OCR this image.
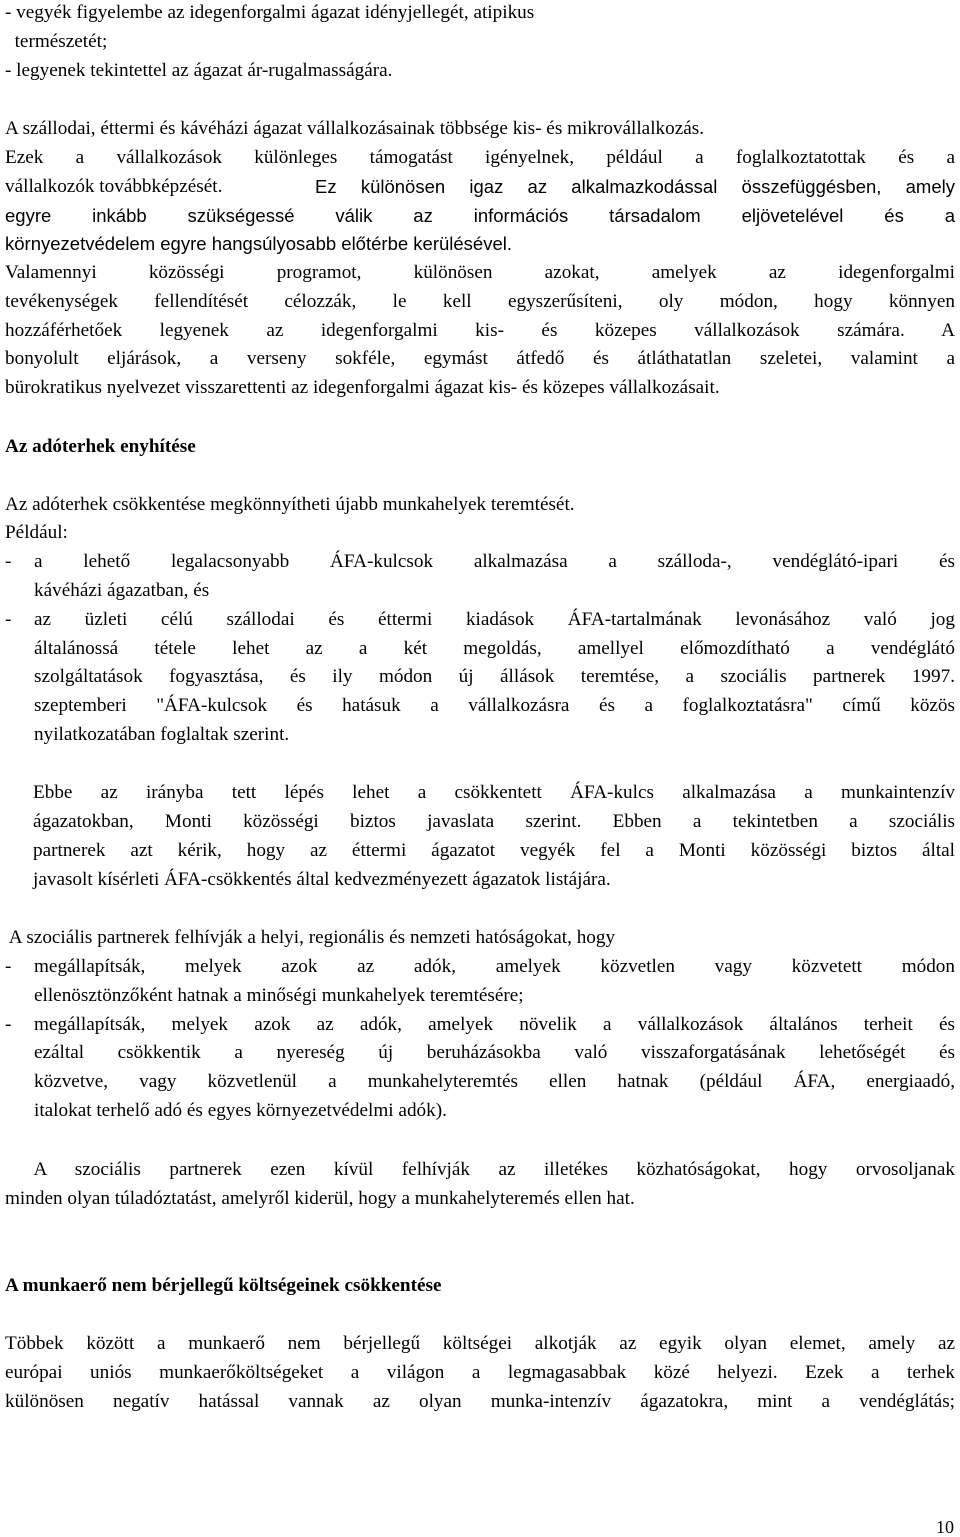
- vegyék figyelembe az idegenforgalmi ágazat idényjellegét, atipikus
természetét;
- legyenek tekintettel az ágazat ár-rugalmasságára.
A szállodai, éttermi és kávéházi ágazat vállalkozásainak többsége kis- és mikrovállalkozás.
Ezek a vállalkozások különleges támogatást igényelnek, például a foglalkoztatottak és a
vállalkozók továbbképzését.	Ez különösen igaz az alkalmazkodással összefüggésben, amely
egyre inkább szükségessé válik az információs társadalom eljövetelével és a
környezetvédelem egyre hangsúlyosabb előtérbe kerülésével.
Valamennyi közösségi programot, különösen azokat, amelyek az idegenforgalmi
tevékenységek fellendítését célozzák, le kell egyszerűsíteni, oly módon, hogy könnyen
hozzáférhetőek legyenek az idegenforgalmi kis- és közepes vállalkozások számára. A
bonyolult eljárások, a verseny sokféle, egymást átfedő és átláthatatlan szeletei, valamint a
bürokratikus nyelvezet visszarettenti az idegenforgalmi ágazat kis- és közepes vállalkozásait.
Az adóterhek enyhítése
Az adóterhek csökkentése megkönnyítheti újabb munkahelyek teremtését.
Például:
- a lehető legalacsonyabb ÁFA-kulcsok alkalmazása a szálloda-, vendéglátó-ipari és
kávéházi ágazatban, és
- az üzleti célú szállodai és éttermi kiadások ÁFA-tartalmának levonásához való jog
általánossá tétele lehet az a két megoldás, amellyel előmozdítható a vendéglátó
szolgáltatások fogyasztása, és ily módon új állások teremtése, a szociális partnerek 1997.
szeptemberi "ÁFA-kulcsok és hatásuk a vállalkozásra és a foglalkoztatásra" című közös
nyilatkozatában foglaltak szerint.
Ebbe az irányba tett lépés lehet a csökkentett ÁFA-kulcs alkalmazása a munkaintenzív
ágazatokban, Monti közösségi biztos javaslata szerint. Ebben a tekintetben a szociális
partnerek azt kérik, hogy az éttermi ágazatot vegyék fel a Monti közösségi biztos által
javasolt kísérleti ÁFA-csökkentés által kedvezményezett ágazatok listájára.
A szociális partnerek felhívják a helyi, regionális és nemzeti hatóságokat, hogy
- megállapítsák, melyek azok az adók, amelyek közvetlen vagy közvetett módon
ellenösztönzőként hatnak a minőségi munkahelyek teremtésére;
- megállapítsák, melyek azok az adók, amelyek növelik a vállalkozások általános terheit és
ezáltal csökkentik a nyereség új beruházásokba való visszaforgatásának lehetőségét és
közvetve, vagy közvetlenül a munkahelyteremtés ellen hatnak (például ÁFA, energiaadó,
italokat terhelő adó és egyes környezetvédelmi adók).
A szociális partnerek ezen kívül felhívják az illetékes közhatóságokat, hogy orvosoljanak
minden olyan túladóztatást, amelyről kiderül, hogy a munkahelyteremés ellen hat.
A munkaerő nem bérjellegű költségeinek csökkentése
Többek között a munkaerő nem bérjellegű költségei alkotják az egyik olyan elemet, amely az
európai uniós munkaerőköltségeket a világon a legmagasabbak közé helyezi. Ezek a terhek
különösen negatív hatással vannak az olyan munka-intenzív ágazatokra, mint a vendéglátás;
10
